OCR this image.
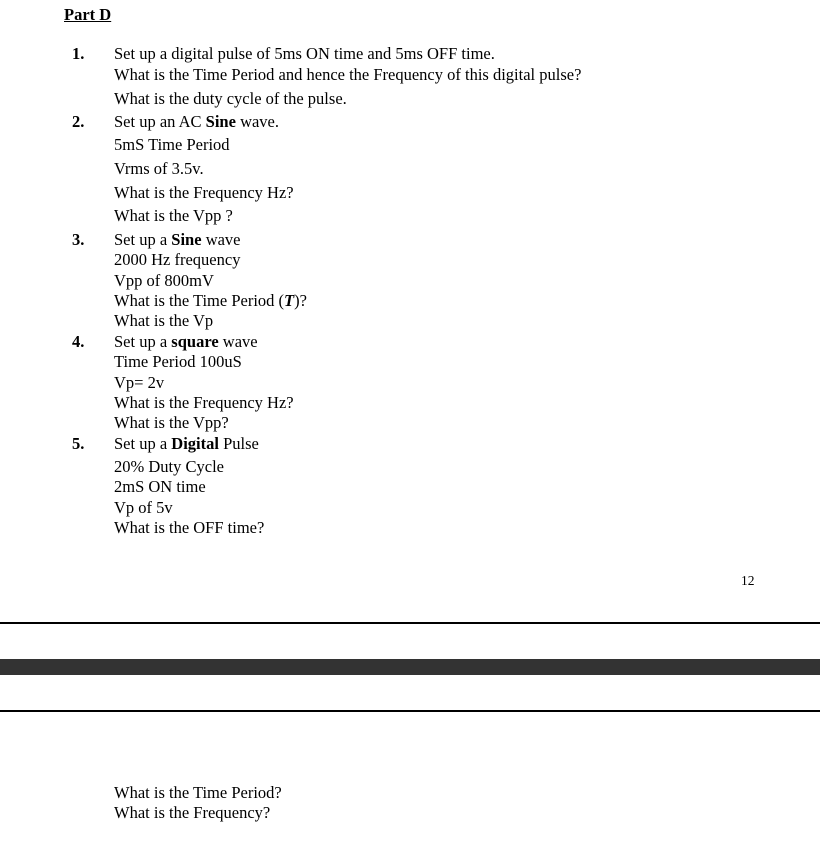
Part D
1. Set up a digital pulse of 5ms ON time and 5ms OFF time.
What is the Time Period and hence the Frequency of this digital pulse?
What is the duty cycle of the pulse.
2. Set up an AC Sine wave.
5mS Time Period
Vrms of 3.5v.
What is the Frequency Hz?
What is the Vpp ?
3. Set up a Sine wave
2000 Hz frequency
Vpp of 800mV
What is the Time Period (T)?
What is the Vp
4. Set up a square wave
Time Period 100uS
Vp= 2v
What is the Frequency Hz?
What is the Vpp?
5. Set up a Digital Pulse
20% Duty Cycle
2mS ON time
Vp of 5v
What is the OFF time?
12
What is the Time Period?
What is the Frequency?
